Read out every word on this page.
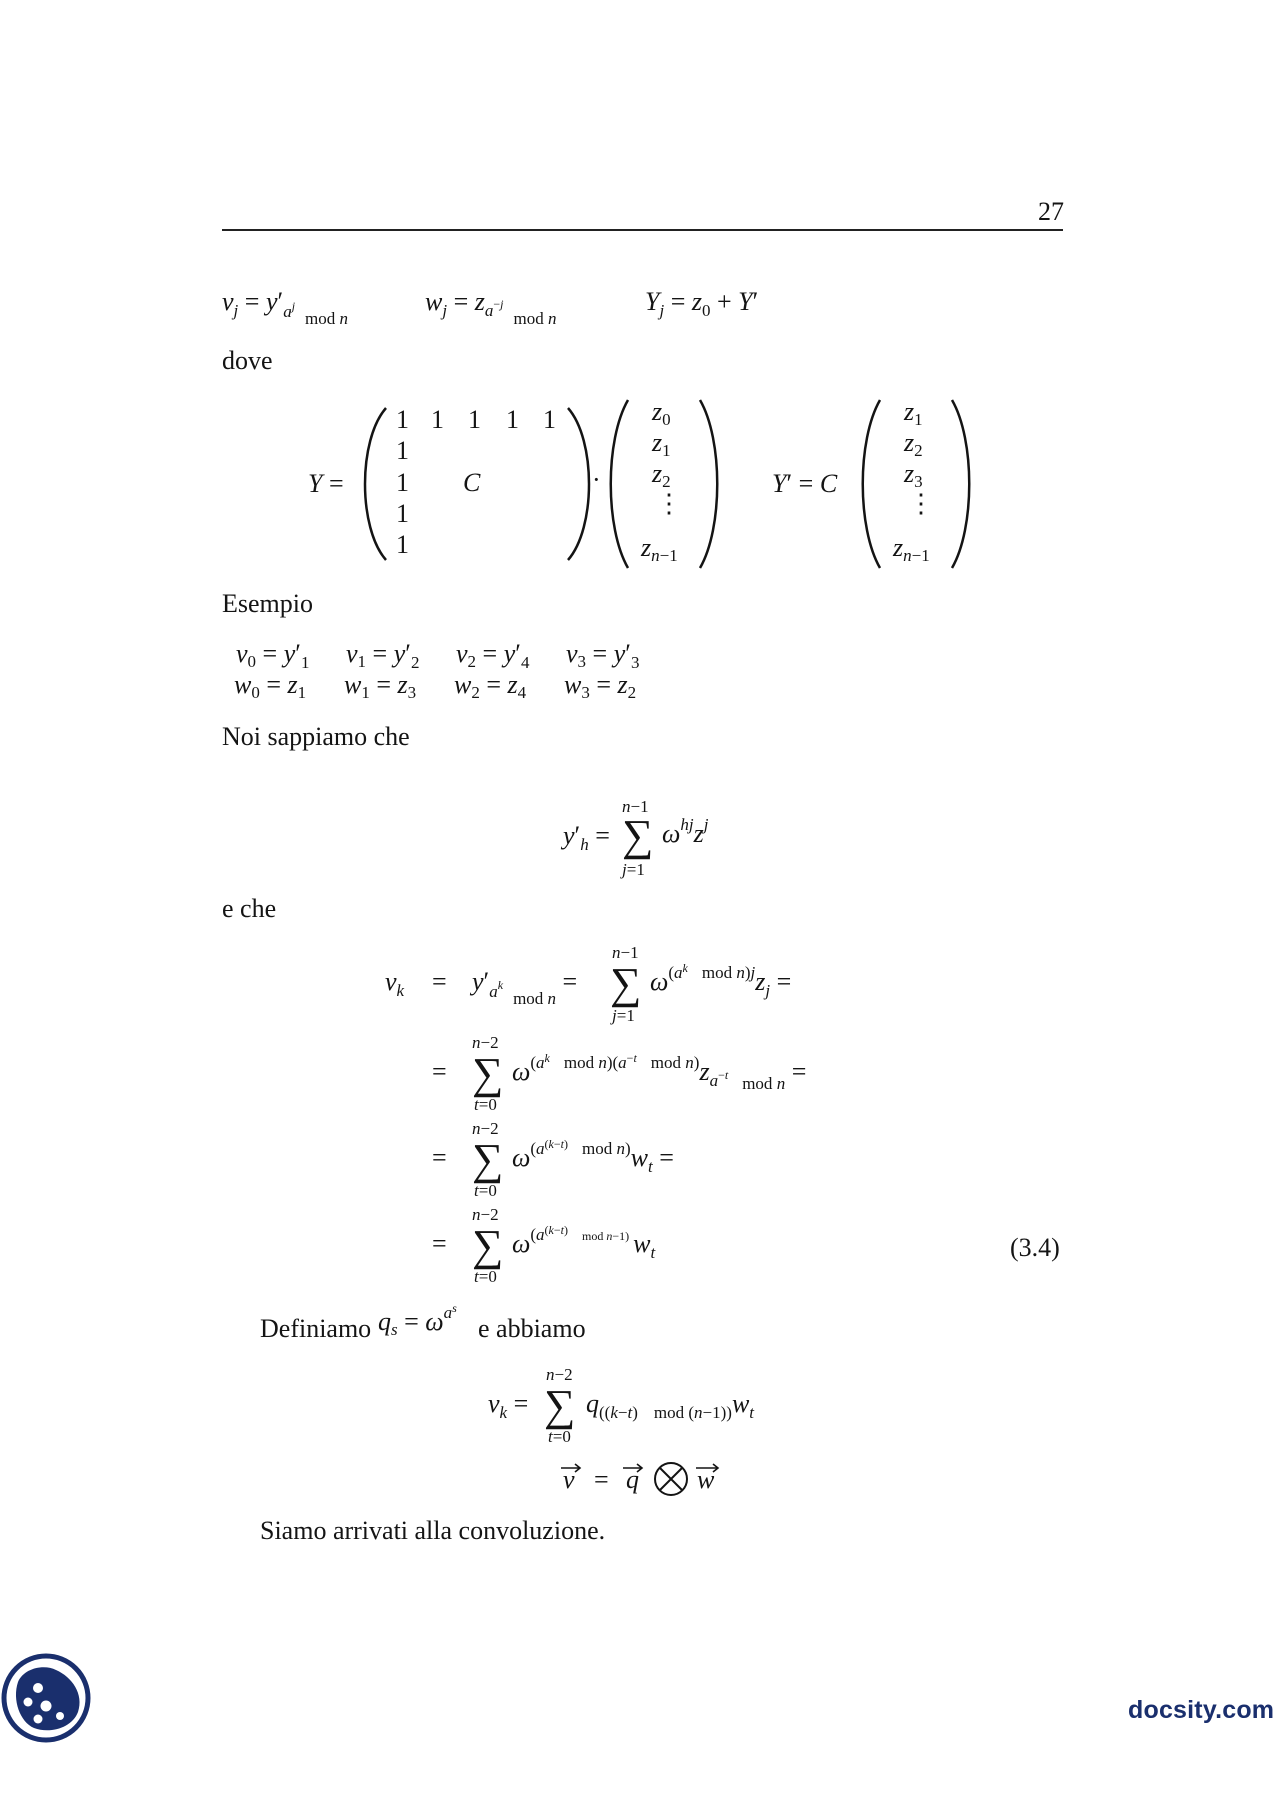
27
dove
Esempio
Noi sappiamo che
e che
Definiamo	e abbiamo
Siamo arrivati alla convoluzione.
(3.4)
$v_j = y'_a^j_{mod}$ n
$w_j = z_a^-j_{mod}$ n
$Y_j = z_0 + Y'$
Y =
1 1 1 1 1
1
1 C
1
1
·
z0
z1
z2
⋮
zn−1
Y′ = C
z1
z2
z3
⋮
zn−1
$v0 = y'_1$ $v1 = y'_2$ $v2 = y'_4$ $v3 = y'_3$
w0 = z1 w1 = z3 w2 = z4 w3 = z2
$y'_h$ = ∑
n−1
j=1
$\omega^{hj}z^j$
$v_k = y'_a^k_{mod}$ n = ∑
n−1
j=1
$\omega^(a^k$ $_{mod}$ $n)jz_j$ =
= ∑
n−2
t=0
$\omega^(a^k$ $_{mod}$ n)(a−t $_{mod}$ $n)z_a^-t$ $_{mod}$ n =
= ∑
n−2
t=0
ω(a(k−t) $_{mod}$ $n)w_t$ =
= ∑
n−2
t=0
ω(a(k−t) $_{mod}$ n−1) $w_t$
qs = $\omega^{as}$
$v_k$ = ∑
n−2
t=0
$q_{((}k-t$) mod $(n-1))w_t$
v = q w
docsity.com
